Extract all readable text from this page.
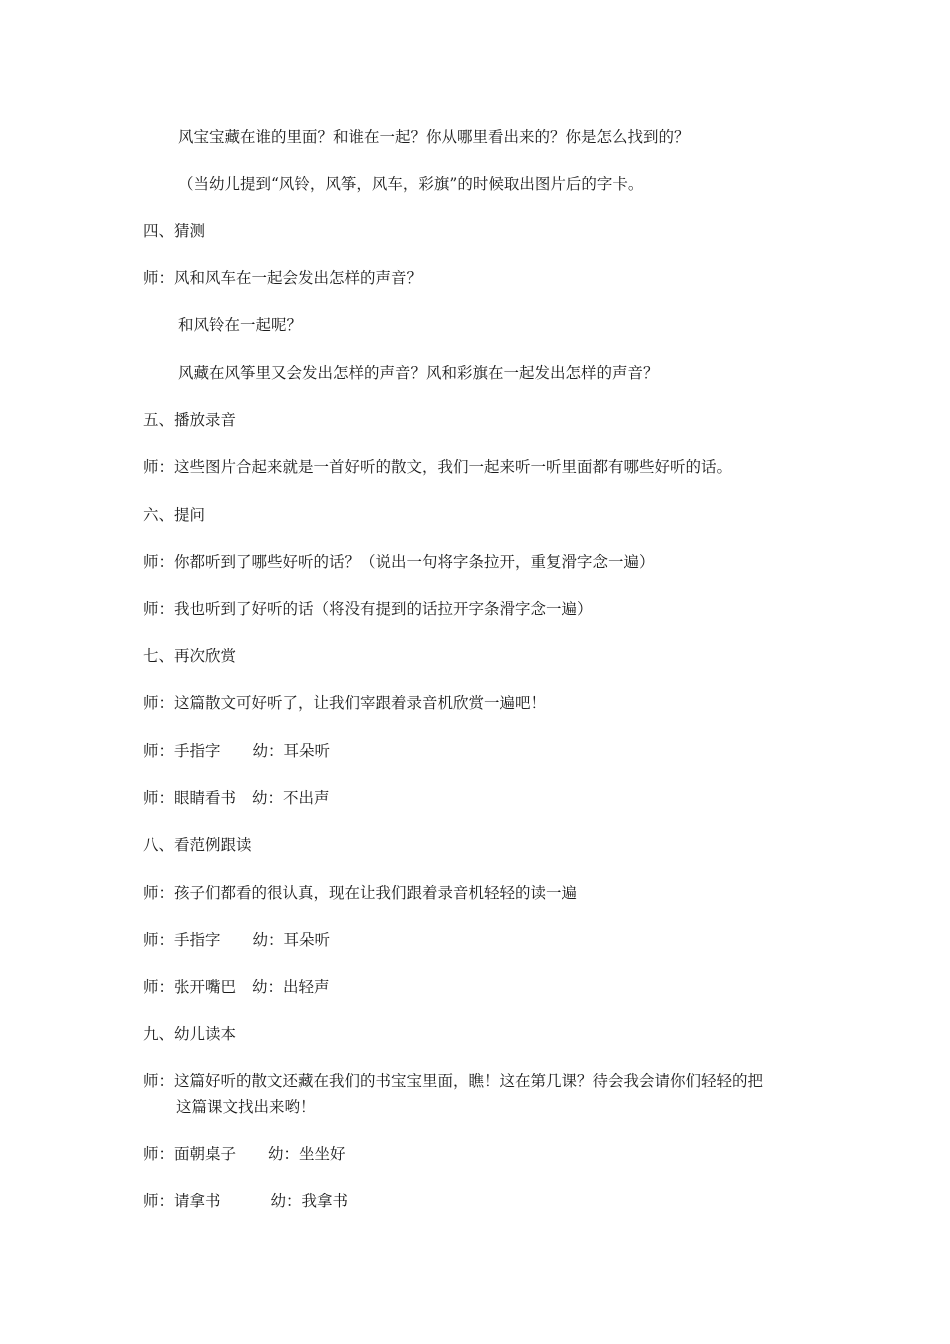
风宝宝藏在谁的里面？和谁在一起？你从哪里看出来的？你是怎么找到的？
（当幼儿提到“风铃，风筝，风车，彩旗”的时候取出图片后的字卡。
四、猜测
师：风和风车在一起会发出怎样的声音？
和风铃在一起呢？
风藏在风筝里又会发出怎样的声音？风和彩旗在一起发出怎样的声音？
五、播放录音
师：这些图片合起来就是一首好听的散文，我们一起来听一听里面都有哪些好听的话。
六、提问
师：你都听到了哪些好听的话？（说出一句将字条拉开，重复滑字念一遍）
师：我也听到了好听的话（将没有提到的话拉开字条滑字念一遍）
七、再次欣赏
师：这篇散文可好听了，让我们宰跟着录音机欣赏一遍吧！
师：手指字 幼：耳朵听
师：眼睛看书 幼：不出声
八、看范例跟读
师：孩子们都看的很认真，现在让我们跟着录音机轻轻的读一遍
师：手指字 幼：耳朵听
师：张开嘴巴 幼：出轻声
九、幼儿读本
师：这篇好听的散文还藏在我们的书宝宝里面，瞧！这在第几课？待会我会请你们轻轻的把
这篇课文找出来哟！
师：面朝桌子 幼：坐坐好
师：请拿书	幼：我拿书
